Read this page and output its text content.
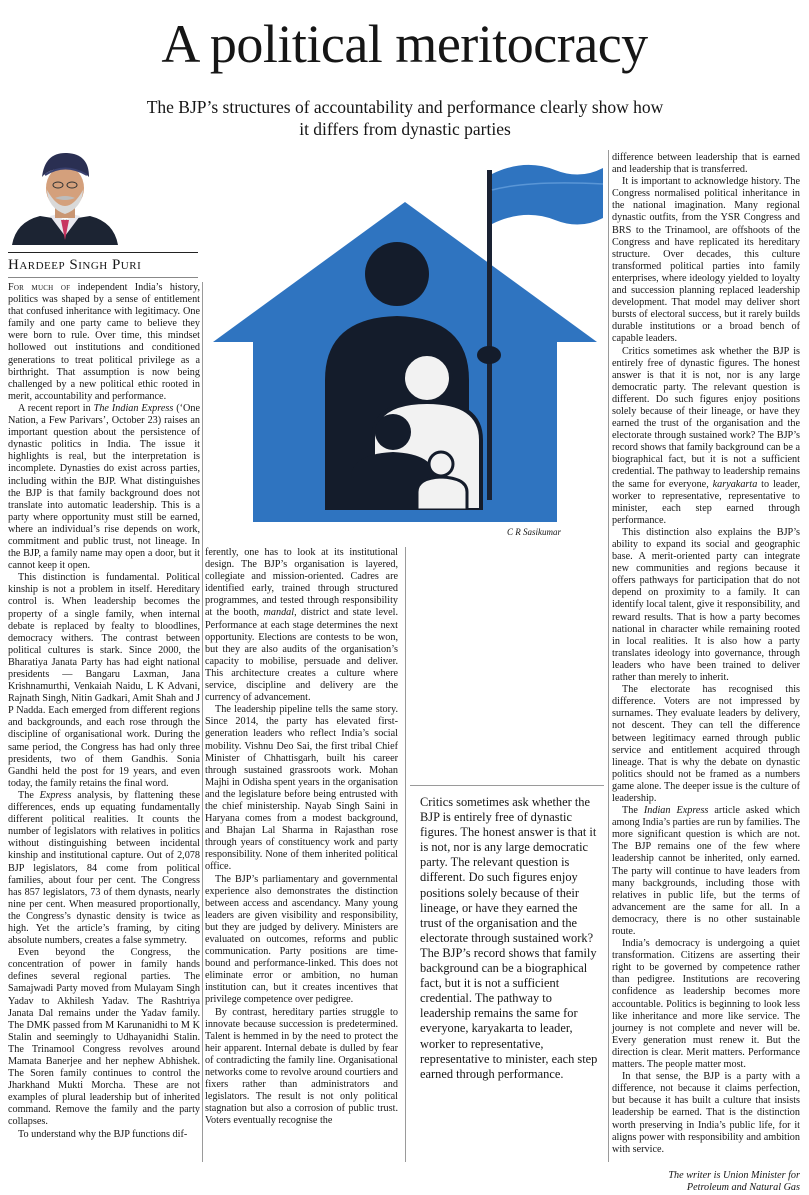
A political meritocracy
The BJP’s structures of accountability and performance clearly show how it differs from dynastic parties
Hardeep Singh Puri

For much of independent India’s history, politics was shaped by a sense of entitlement that confused inheritance with legitimacy. One family and one party came to believe they were born to rule. Over time, this mindset hollowed out institutions and conditioned generations to treat political privilege as a birthright. That assumption is now being challenged by a new political ethic rooted in merit, accountability and performance.

A recent report in The Indian Express (‘One Nation, a Few Parivars’, October 23) raises an important question about the persistence of dynastic politics in India. The issue it highlights is real, but the interpretation is incomplete. Dynasties do exist across parties, including within the BJP. What distinguishes the BJP is that family background does not translate into automatic leadership. This is a party where opportunity must still be earned, where an individual’s rise depends on work, commitment and public trust, not lineage. In the BJP, a family name may open a door, but it cannot keep it open.

This distinction is fundamental. Political kinship is not a problem in itself. Hereditary control is. When leadership becomes the property of a single family, when internal debate is replaced by fealty to bloodlines, democracy withers. The contrast between political cultures is stark. Since 2000, the Bharatiya Janata Party has had eight national presidents — Bangaru Laxman, Jana Krishnamurthi, Venkaiah Naidu, L K Advani, Rajnath Singh, Nitin Gadkari, Amit Shah and J P Nadda. Each emerged from different regions and backgrounds, and each rose through the discipline of organisational work. During the same period, the Congress has had only three presidents, two of them Gandhis. Sonia Gandhi held the post for 19 years, and even today, the family retains the final word.

The Express analysis, by flattening these differences, ends up equating fundamentally different political realities. It counts the number of legislators with relatives in politics without distinguishing between incidental kinship and institutional capture. Out of 2,078 BJP legislators, 84 come from political families, about four per cent. The Congress has 857 legislators, 73 of them dynasts, nearly nine per cent. When measured proportionally, the Congress’s dynastic density is twice as high. Yet the article’s framing, by citing absolute numbers, creates a false symmetry.

Even beyond the Congress, the concentration of power in family hands defines several regional parties. The Samajwadi Party moved from Mulayam Singh Yadav to Akhilesh Yadav. The Rashtriya Janata Dal remains under the Yadav family. The DMK passed from M Karunanidhi to M K Stalin and seemingly to Udhayanidhi Stalin. The Trinamool Congress revolves around Mamata Banerjee and her nephew Abhishek. The Soren family continues to control the Jharkhand Mukti Morcha. These are not examples of plural leadership but of inherited command. Remove the family and the party collapses.

To understand why the BJP functions dif-

C R Sasikumar

ferently, one has to look at its institutional design. The BJP’s organisation is layered, collegiate and mission-oriented. Cadres are identified early, trained through structured programmes, and tested through responsibility at the booth, mandal, district and state level. Performance at each stage determines the next opportunity. Elections are contests to be won, but they are also audits of the organisation’s capacity to mobilise, persuade and deliver. This architecture creates a culture where service, discipline and delivery are the currency of advancement.

The leadership pipeline tells the same story. Since 2014, the party has elevated first-generation leaders who reflect India’s social mobility. Vishnu Deo Sai, the first tribal Chief Minister of Chhattisgarh, built his career through sustained grassroots work. Mohan Majhi in Odisha spent years in the organisation and the legislature before being entrusted with the chief ministership. Nayab Singh Saini in Haryana comes from a modest background, and Bhajan Lal Sharma in Rajasthan rose through years of constituency work and party responsibility. None of them inherited political office.

The BJP’s parliamentary and governmental experience also demonstrates the distinction between access and ascendancy. Many young leaders are given visibility and responsibility, but they are judged by delivery. Ministers are evaluated on outcomes, reforms and public communication. Party positions are time-bound and performance-linked. This does not eliminate error or ambition, no human institution can, but it creates incentives that privilege competence over pedigree.

By contrast, hereditary parties struggle to innovate because succession is predetermined. Talent is hemmed in by the need to protect the heir apparent. Internal debate is dulled by fear of contradicting the family line. Organisational networks come to revolve around courtiers and fixers rather than administrators and legislators. The result is not only political stagnation but also a corrosion of public trust. Voters eventually recognise the

Critics sometimes ask whether the BJP is entirely free of dynastic figures. The honest answer is that it is not, nor is any large democratic party. The relevant question is different. Do such figures enjoy positions solely because of their lineage, or have they earned the trust of the organisation and the electorate through sustained work? The BJP’s record shows that family background can be a biographical fact, but it is not a sufficient credential. The pathway to leadership remains the same for everyone, karyakarta to leader, worker to representative, representative to minister, each step earned through performance.

difference between leadership that is earned and leadership that is transferred.

It is important to acknowledge history. The Congress normalised political inheritance in the national imagination. Many regional dynastic outfits, from the YSR Congress and BRS to the Trinamool, are offshoots of the Congress and have replicated its hereditary structure. Over decades, this culture transformed political parties into family enterprises, where ideology yielded to loyalty and succession planning replaced leadership development. That model may deliver short bursts of electoral success, but it rarely builds durable institutions or a broad bench of capable leaders.

Critics sometimes ask whether the BJP is entirely free of dynastic figures. The honest answer is that it is not, nor is any large democratic party. The relevant question is different. Do such figures enjoy positions solely because of their lineage, or have they earned the trust of the organisation and the electorate through sustained work? The BJP’s record shows that family background can be a biographical fact, but it is not a sufficient credential. The pathway to leadership remains the same for everyone, karyakarta to leader, worker to representative, representative to minister, each step earned through performance.

This distinction also explains the BJP’s ability to expand its social and geographic base. A merit-oriented party can integrate new communities and regions because it offers pathways for participation that do not depend on proximity to a family. It can identify local talent, give it responsibility, and reward results. That is how a party becomes national in character while remaining rooted in local realities. It is also how a party translates ideology into governance, through leaders who have been trained to deliver rather than merely to inherit.

The electorate has recognised this difference. Voters are not impressed by surnames. They evaluate leaders by delivery, not descent. They can tell the difference between legitimacy earned through public service and entitlement acquired through lineage. That is why the debate on dynastic politics should not be framed as a numbers game alone. The deeper issue is the culture of leadership.

The Indian Express article asked which among India’s parties are run by families. The more significant question is which are not. The BJP remains one of the few where leadership cannot be inherited, only earned. The party will continue to have leaders from many backgrounds, including those with relatives in public life, but the terms of advancement are the same for all. In a democracy, there is no other sustainable route.

India’s democracy is undergoing a quiet transformation. Citizens are asserting their right to be governed by competence rather than pedigree. Institutions are recovering confidence as leadership becomes more accountable. Politics is beginning to look less like inheritance and more like service. The journey is not complete and never will be. Every generation must renew it. But the direction is clear. Merit matters. Performance matters. The people matter most.

In that sense, the BJP is a party with a difference, not because it claims perfection, but because it has built a culture that insists leadership be earned. That is the distinction worth preserving in India’s public life, for it aligns power with responsibility and ambition with service.

The writer is Union Minister for
Petroleum and Natural Gas
